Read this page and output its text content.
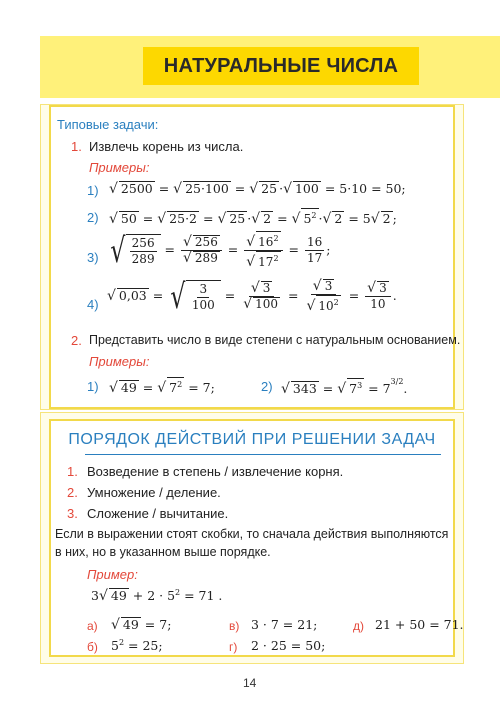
НАТУРАЛЬНЫЕ ЧИСЛА
Типовые задачи:
1. Извлечь корень из числа.
Примеры:
1) √ 2500 = √ 25·100 = √ 25 ·√ 100 = 5·10 = 50;
2) √ 50 = √ 25·2 = √ 25 ·√ 2 = √ $5^2$ ·√ 2 = 5√ 2 ;
3) √ $\frac{256}{289} = \frac{√ 256}{√ 289} = \frac{√ 16^2}{√ 17^2} = \frac{16}{17}$ ;
4)
√ 0,03 = √ $\frac{3}{100} = \frac{√ 3}{√ 100} = \frac{√ 3}{√ 10^2} = \frac{√ 3}{10}$ .
2. Представить число в виде степени с натуральным основанием.
Примеры:
1) √ 49 = √ $7^2 = 7$;	2) √ 343 = √ $7^3 = 7^{3/2}$.
ПОРЯДОК ДЕЙСТВИЙ ПРИ РЕШЕНИИ ЗАДАЧ
1. Возведение в степень / извлечение корня.
2. Умножение / деление.
3. Сложение / вычитание.
Если в выражении стоят скобки, то сначала действия выполняются
в них, но в указанном выше порядке.
Пример:
3√ $49 + 2 \cdot 5^2 = 71$ .
а) √ 49 = 7;
б) $5^2 = 25$;
в) 3 · 7 = 21;
г) 2 · 25 = 50;
д) 21 + 50 = 71.
14
